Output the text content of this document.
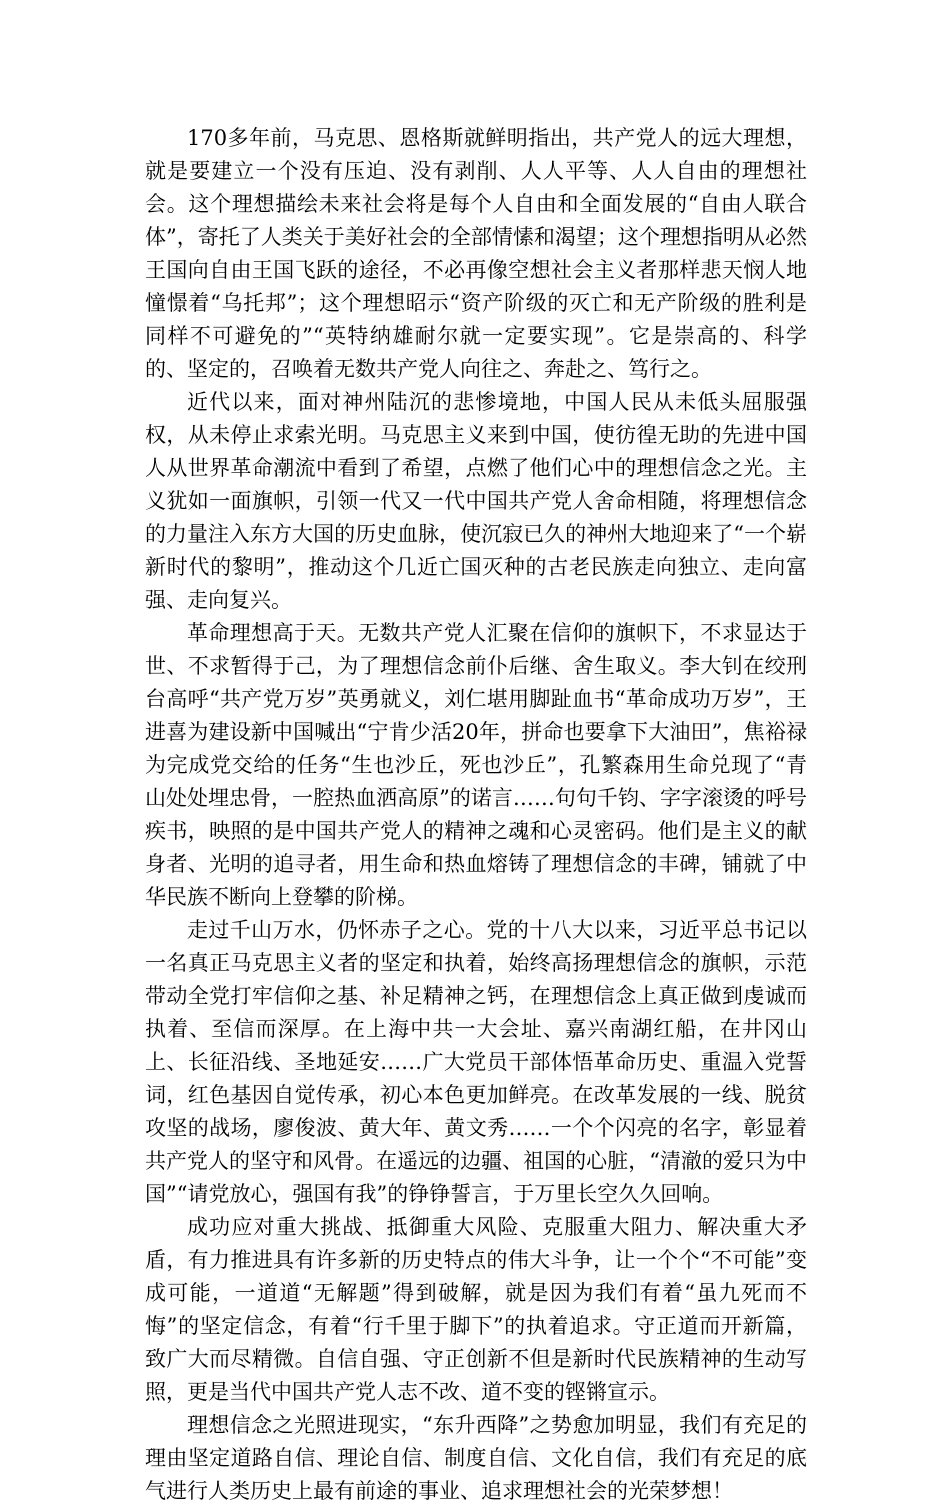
170多年前，马克思、恩格斯就鲜明指出，共产党人的远大理想，就是要建立一个没有压迫、没有剥削、人人平等、人人自由的理想社会。这个理想描绘未来社会将是每个人自由和全面发展的“自由人联合体”，寄托了人类关于美好社会的全部情愫和渴望；这个理想指明从必然王国向自由王国飞跃的途径，不必再像空想社会主义者那样悲天悯人地憧憬着“乌托邦”；这个理想昭示“资产阶级的灭亡和无产阶级的胜利是同样不可避免的”“英特纳雄耐尔就一定要实现”。它是崇高的、科学的、坚定的，召唤着无数共产党人向往之、奔赴之、笃行之。

近代以来，面对神州陆沉的悲惨境地，中国人民从未低头屈服强权，从未停止求索光明。马克思主义来到中国，使彷徨无助的先进中国人从世界革命潮流中看到了希望，点燃了他们心中的理想信念之光。主义犹如一面旗帜，引领一代又一代中国共产党人舍命相随，将理想信念的力量注入东方大国的历史血脉，使沉寂已久的神州大地迎来了“一个崭新时代的黎明”，推动这个几近亡国灭种的古老民族走向独立、走向富强、走向复兴。

革命理想高于天。无数共产党人汇聚在信仰的旗帜下，不求显达于世、不求暂得于己，为了理想信念前仆后继、舍生取义。李大钊在绞刑台高呼“共产党万岁”英勇就义，刘仁堪用脚趾血书“革命成功万岁”，王进喜为建设新中国喊出“宁肯少活20年，拼命也要拿下大油田”，焦裕禄为完成党交给的任务“生也沙丘，死也沙丘”，孔繁森用生命兑现了“青山处处埋忠骨，一腔热血洒高原”的诺言……句句千钧、字字滚烫的呼号疾书，映照的是中国共产党人的精神之魂和心灵密码。他们是主义的献身者、光明的追寻者，用生命和热血熔铸了理想信念的丰碑，铺就了中华民族不断向上登攀的阶梯。

走过千山万水，仍怀赤子之心。党的十八大以来，习近平总书记以一名真正马克思主义者的坚定和执着，始终高扬理想信念的旗帜，示范带动全党打牢信仰之基、补足精神之钙，在理想信念上真正做到虔诚而执着、至信而深厚。在上海中共一大会址、嘉兴南湖红船，在井冈山上、长征沿线、圣地延安……广大党员干部体悟革命历史、重温入党誓词，红色基因自觉传承，初心本色更加鲜亮。在改革发展的一线、脱贫攻坚的战场，廖俊波、黄大年、黄文秀……一个个闪亮的名字，彰显着共产党人的坚守和风骨。在遥远的边疆、祖国的心脏，“清澈的爱只为中国”“请党放心，强国有我”的铮铮誓言，于万里长空久久回响。

成功应对重大挑战、抵御重大风险、克服重大阻力、解决重大矛盾，有力推进具有许多新的历史特点的伟大斗争，让一个个“不可能”变成可能，一道道“无解题”得到破解，就是因为我们有着“虽九死而不悔”的坚定信念，有着“行千里于脚下”的执着追求。守正道而开新篇，致广大而尽精微。自信自强、守正创新不但是新时代民族精神的生动写照，更是当代中国共产党人志不改、道不变的铿锵宣示。

理想信念之光照进现实，“东升西降”之势愈加明显，我们有充足的理由坚定道路自信、理论自信、制度自信、文化自信，我们有充足的底气进行人类历史上最有前途的事业、追求理想社会的光荣梦想！
